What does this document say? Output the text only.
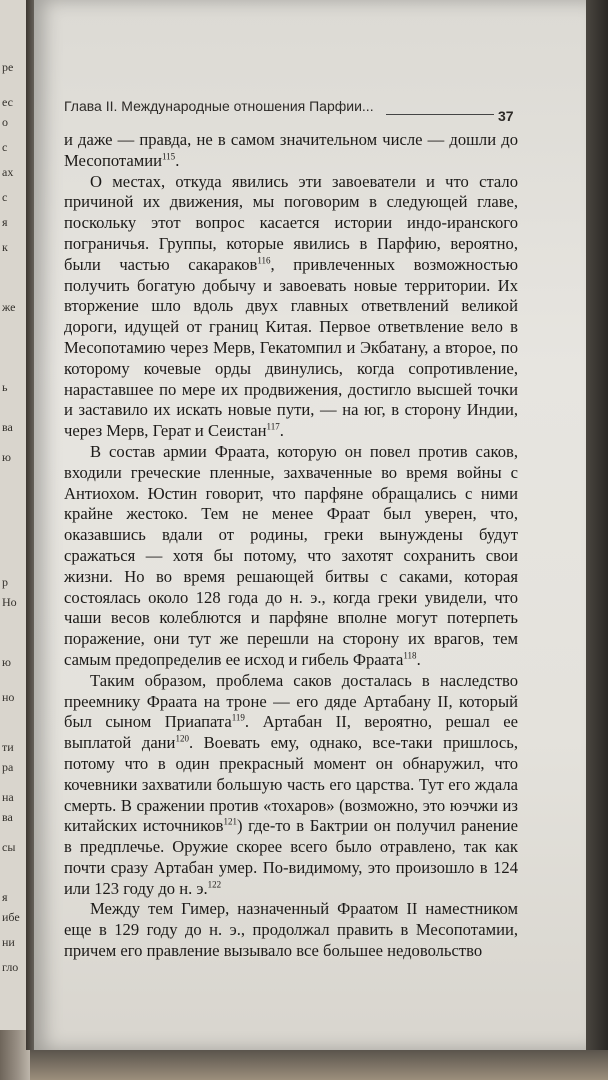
ре
ес
о
с
ах
с
я
к
же
ь
ва
ю
р
Но
ю
но
ти
ра
на
ва
сы
я
ибе
ни
гло
Глава II. Международные отношения Парфии...
37

и даже — правда, не в самом значительном числе — дошли до Месопотамии$^{115}$.

О местах, откуда явились эти завоеватели и что стало причиной их движения, мы поговорим в следующей главе, поскольку этот вопрос касается истории индо-иранского пограничья. Группы, которые явились в Парфию, вероятно, были частью сакараков$^{116}$, привлеченных возможностью получить богатую добычу и завоевать новые территории. Их вторжение шло вдоль двух главных ответвлений великой дороги, идущей от границ Китая. Первое ответвление вело в Месопотамию через Мерв, Гекатомпил и Экбатану, а второе, по которому кочевые орды двинулись, когда сопротивление, нараставшее по мере их продвижения, достигло высшей точки и заставило их искать новые пути, — на юг, в сторону Индии, через Мерв, Герат и Сеистан$^{117}$.

В состав армии Фраата, которую он повел против саков, входили греческие пленные, захваченные во время войны с Антиохом. Юстин говорит, что парфяне обращались с ними крайне жестоко. Тем не менее Фраат был уверен, что, оказавшись вдали от родины, греки вынуждены будут сражаться — хотя бы потому, что захотят сохранить свои жизни. Но во время решающей битвы с саками, которая состоялась около 128 года до н. э., когда греки увидели, что чаши весов колеблются и парфяне вполне могут потерпеть поражение, они тут же перешли на сторону их врагов, тем самым предопределив ее исход и гибель Фраата$^{118}$.

Таким образом, проблема саков досталась в наследство преемнику Фраата на троне — его дяде Артабану II, который был сыном Приапата$^{119}$. Артабан II, вероятно, решал ее выплатой дани$^{120}$. Воевать ему, однако, все-таки пришлось, потому что в один прекрасный момент он обнаружил, что кочевники захватили большую часть его царства. Тут его ждала смерть. В сражении против «тохаров» (возможно, это юэчжи из китайских источников$^{121}$) где-то в Бактрии он получил ранение в предплечье. Оружие скорее всего было отравлено, так как почти сразу Артабан умер. По-видимому, это произошло в 124 или 123 году до н. э.$^{122}$

Между тем Гимер, назначенный Фраатом II наместником еще в 129 году до н. э., продолжал править в Месопотамии, причем его правление вызывало все большее недовольство
